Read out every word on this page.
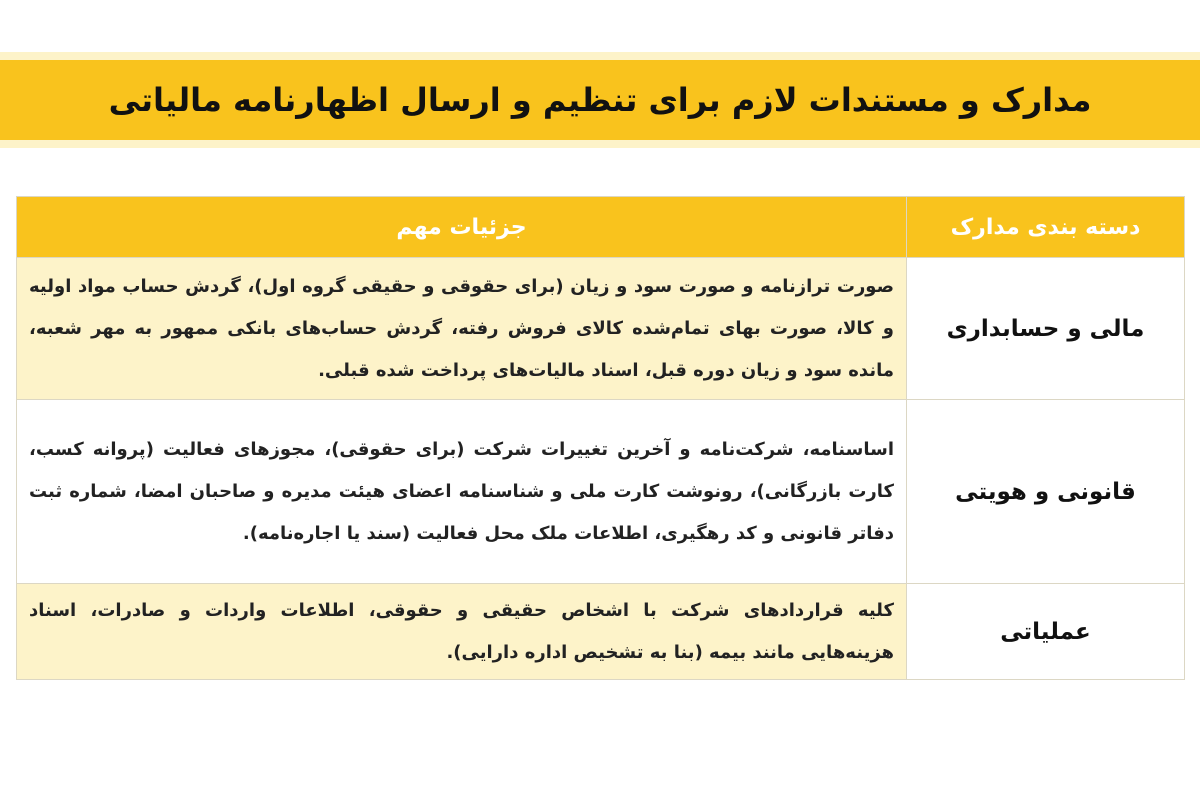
مدارک و مستندات لازم برای تنظیم و ارسال اظهارنامه مالیاتی
دسته بندی مدارک	جزئیات مهم
مالی و حسابداری	صورت ترازنامه و صورت سود و زیان (برای حقوقی و حقیقی گروه اول)، گردش حساب مواد اولیه و کالا، صورت بهای تمام‌شده کالای فروش رفته، گردش حساب‌های بانکی ممهور به مهر شعبه، مانده سود و زیان دوره قبل، اسناد مالیات‌های پرداخت شده قبلی.
قانونی و هویتی	اساسنامه، شرکت‌نامه و آخرین تغییرات شرکت (برای حقوقی)، مجوزهای فعالیت (پروانه کسب، کارت بازرگانی)، رونوشت کارت ملی و شناسنامه اعضای هیئت مدیره و صاحبان امضا، شماره ثبت دفاتر قانونی و کد رهگیری، اطلاعات ملک محل فعالیت (سند یا اجاره‌نامه).
عملیاتی	کلیه قراردادهای شرکت با اشخاص حقیقی و حقوقی، اطلاعات واردات و صادرات، اسناد هزینه‌هایی مانند بیمه (بنا به تشخیص اداره دارایی).
